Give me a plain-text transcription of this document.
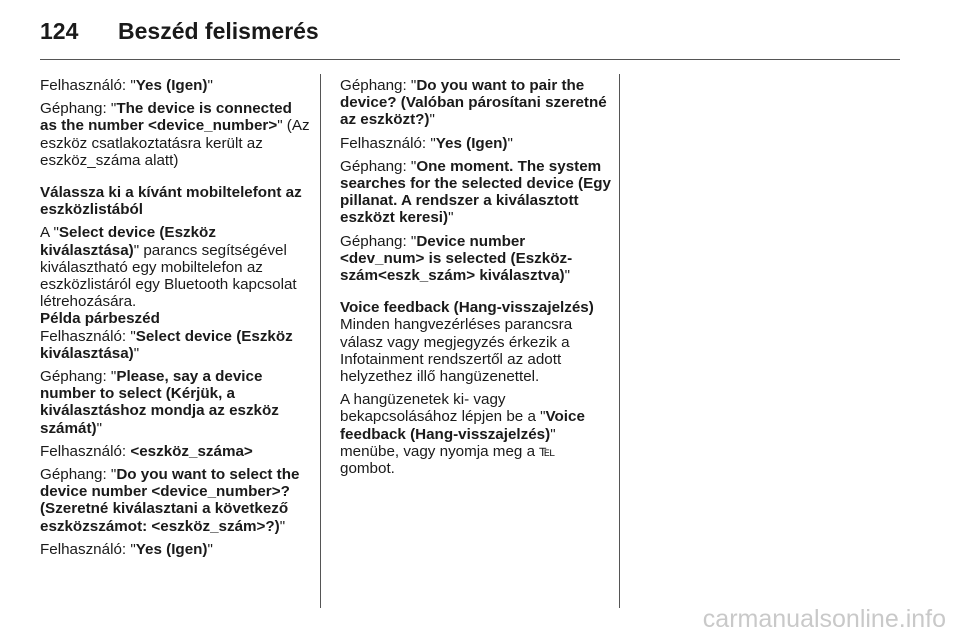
124 Beszéd felismerés

Felhasználó: "Yes (Igen)"

Géphang: "The device is connected as the number <device_number>" (Az eszköz csatlakoztatásra került az eszköz_száma alatt)

Válassza ki a kívánt mobiltelefont az eszközlistából

A "Select device (Eszköz kiválasztása)" parancs segítségével kiválasztható egy mobiltelefon az eszközlistáról egy Bluetooth kapcsolat létrehozására.

Példa párbeszéd

Felhasználó: "Select device (Eszköz kiválasztása)"

Géphang: "Please, say a device number to select (Kérjük, a kiválasztáshoz mondja az eszköz számát)"

Felhasználó: <eszköz_száma>

Géphang: "Do you want to select the device number <device_number>? (Szeretné kiválasztani a következő eszközszámot: <eszköz_szám>?)"

Felhasználó: "Yes (Igen)"

Géphang: "Do you want to pair the device? (Valóban párosítani szeretné az eszközt?)"

Felhasználó: "Yes (Igen)"

Géphang: "One moment. The system searches for the selected device (Egy pillanat. A rendszer a kiválasztott eszközt keresi)"

Géphang: "Device number <dev_num> is selected (Eszköz-szám<eszk_szám> kiválasztva)"

Voice feedback (Hang-visszajelzés)

Minden hangvezérléses parancsra válasz vagy megjegyzés érkezik a Infotainment rendszertől az adott helyzethez illő hangüzenettel.

A hangüzenetek ki- vagy bekapcsolásához lépjen be a "Voice feedback (Hang-visszajelzés)" menübe, vagy nyomja meg a ℡ gombot.

carmanualsonline.info
